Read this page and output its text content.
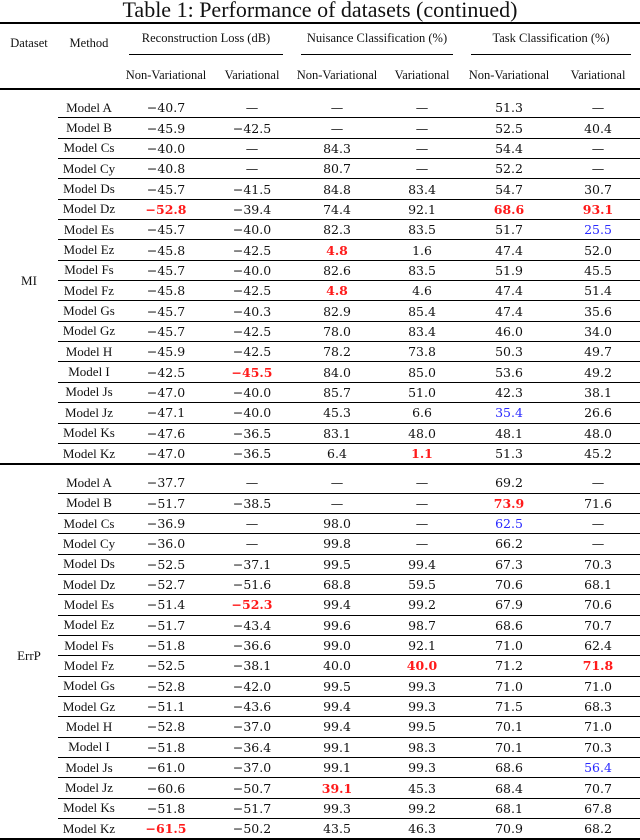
Table 1: Performance of datasets (continued)
Dataset	Method	Reconstruction Loss (dB)		Nuisance Classification (%)		Task Classification (%)	

		Non-Variational	Variational	Non-Variational	Variational	Non-Variational	Variational

MI	Model A	−40.7	—	—	—	51.3	—
	Model B	−45.9	−42.5	—	—	52.5	40.4
	Model Cs	−40.0	—	84.3	—	54.4	—
	Model Cy	−40.8	—	80.7	—	52.2	—
	Model Ds	−45.7	−41.5	84.8	83.4	54.7	30.7
	Model Dz	−52.8	−39.4	74.4	92.1	68.6	93.1
	Model Es	−45.7	−40.0	82.3	83.5	51.7	25.5
	Model Ez	−45.8	−42.5	4.8	1.6	47.4	52.0
	Model Fs	−45.7	−40.0	82.6	83.5	51.9	45.5
	Model Fz	−45.8	−42.5	4.8	4.6	47.4	51.4
	Model Gs	−45.7	−40.3	82.9	85.4	47.4	35.6
	Model Gz	−45.7	−42.5	78.0	83.4	46.0	34.0
	Model H	−45.9	−42.5	78.2	73.8	50.3	49.7
	Model I	−42.5	−45.5	84.0	85.0	53.6	49.2
	Model Js	−47.0	−40.0	85.7	51.0	42.3	38.1
	Model Jz	−47.1	−40.0	45.3	6.6	35.4	26.6
	Model Ks	−47.6	−36.5	83.1	48.0	48.1	48.0
	Model Kz	−47.0	−36.5	6.4	1.1	51.3	45.2

ErrP	Model A	−37.7	—	—	—	69.2	—
	Model B	−51.7	−38.5	—	—	73.9	71.6
	Model Cs	−36.9	—	98.0	—	62.5	—
	Model Cy	−36.0	—	99.8	—	66.2	—
	Model Ds	−52.5	−37.1	99.5	99.4	67.3	70.3
	Model Dz	−52.7	−51.6	68.8	59.5	70.6	68.1
	Model Es	−51.4	−52.3	99.4	99.2	67.9	70.6
	Model Ez	−51.7	−43.4	99.6	98.7	68.6	70.7
	Model Fs	−51.8	−36.6	99.0	92.1	71.0	62.4
	Model Fz	−52.5	−38.1	40.0	40.0	71.2	71.8
	Model Gs	−52.8	−42.0	99.5	99.3	71.0	71.0
	Model Gz	−51.1	−43.6	99.4	99.3	71.5	68.3
	Model H	−52.8	−37.0	99.4	99.5	70.1	71.0
	Model I	−51.8	−36.4	99.1	98.3	70.1	70.3
	Model Js	−61.0	−37.0	99.1	99.3	68.6	56.4
	Model Jz	−60.6	−50.7	39.1	45.3	68.4	70.7
	Model Ks	−51.8	−51.7	99.3	99.2	68.1	67.8
	Model Kz	−61.5	−50.2	43.5	46.3	70.9	68.2
